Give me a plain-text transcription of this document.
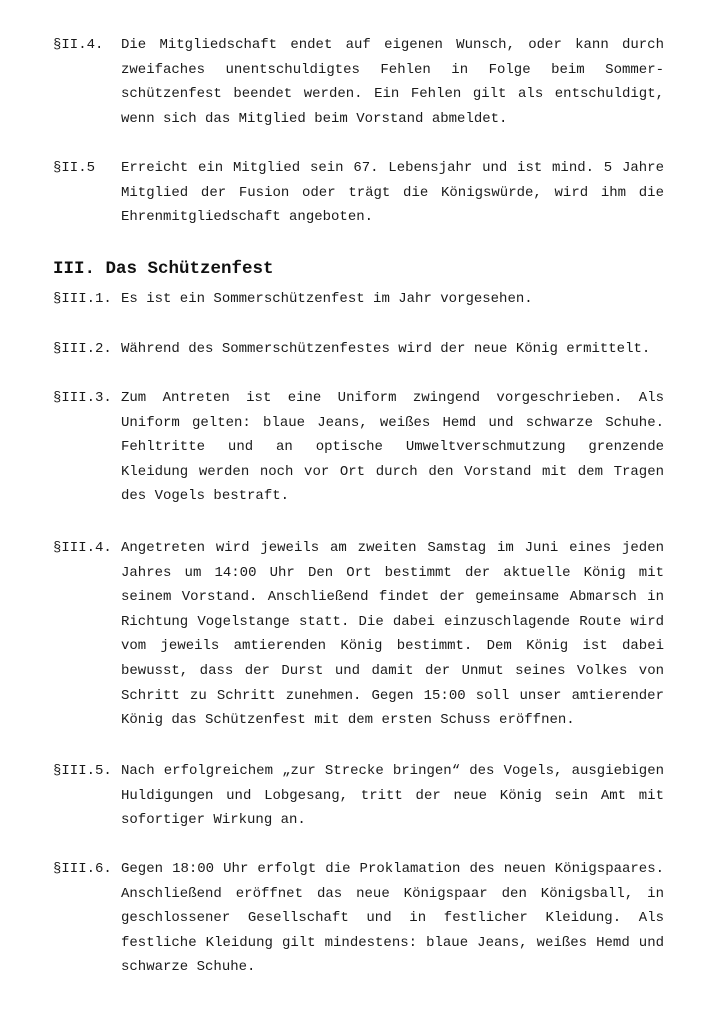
§II.4. Die Mitgliedschaft endet auf eigenen Wunsch, oder kann durch zweifaches unentschuldigtes Fehlen in Folge beim Sommer-schützenfest beendet werden. Ein Fehlen gilt als entschuldigt, wenn sich das Mitglied beim Vorstand abmeldet.
§II.5 Erreicht ein Mitglied sein 67. Lebensjahr und ist mind. 5 Jahre Mitglied der Fusion oder trägt die Königswürde, wird ihm die Ehrenmitgliedschaft angeboten.
III. Das Schützenfest
§III.1. Es ist ein Sommerschützenfest im Jahr vorgesehen.
§III.2. Während des Sommerschützenfestes wird der neue König ermittelt.
§III.3. Zum Antreten ist eine Uniform zwingend vorgeschrieben. Als Uniform gelten: blaue Jeans, weißes Hemd und schwarze Schuhe. Fehltritte und an optische Umweltverschmutzung grenzende Kleidung werden noch vor Ort durch den Vorstand mit dem Tragen des Vogels bestraft.
§III.4. Angetreten wird jeweils am zweiten Samstag im Juni eines jeden Jahres um 14:00 Uhr Den Ort bestimmt der aktuelle König mit seinem Vorstand. Anschließend findet der gemeinsame Abmarsch in Richtung Vogelstange statt. Die dabei einzuschlagende Route wird vom jeweils amtierenden König bestimmt. Dem König ist dabei bewusst, dass der Durst und damit der Unmut seines Volkes von Schritt zu Schritt zunehmen. Gegen 15:00 soll unser amtierender König das Schützenfest mit dem ersten Schuss eröffnen.
§III.5. Nach erfolgreichem „zur Strecke bringen“ des Vogels, ausgiebigen Huldigungen und Lobgesang, tritt der neue König sein Amt mit sofortiger Wirkung an.
§III.6. Gegen 18:00 Uhr erfolgt die Proklamation des neuen Königspaares. Anschließend eröffnet das neue Königspaar den Königsball, in geschlossener Gesellschaft und in festlicher Kleidung. Als festliche Kleidung gilt mindestens: blaue Jeans, weißes Hemd und schwarze Schuhe.
